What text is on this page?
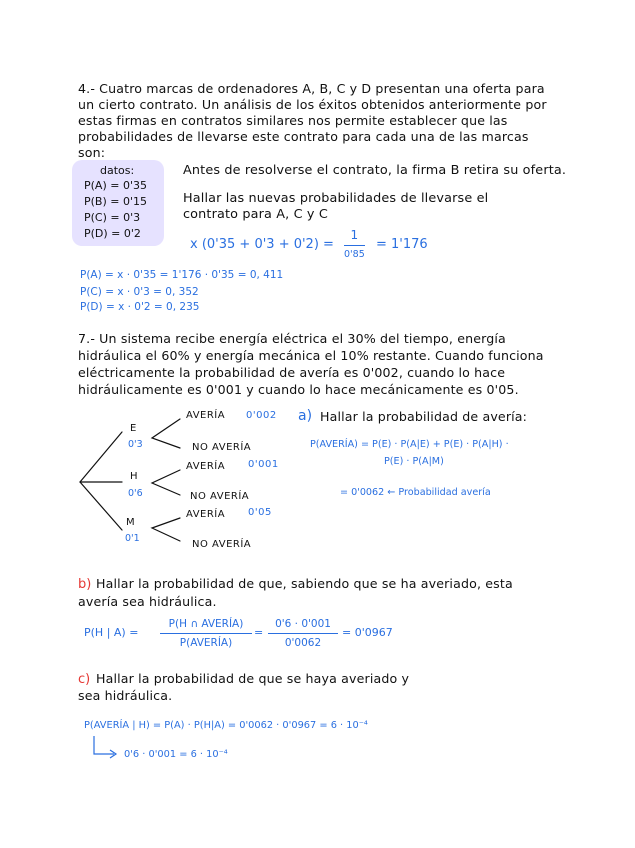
4.- Cuatro marcas de ordenadores A, B, C y D presentan una oferta para
un cierto contrato. Un análisis de los éxitos obtenidos anteriormente por
estas firmas en contratos similares nos permite establecer que las
probabilidades de llevarse este contrato para cada una de las marcas
son:
datos:
P(A) = 0'35
P(B) = 0'15
P(C) = 0'3
P(D) = 0'2
Antes de resolverse el contrato, la firma B retira su oferta.
Hallar las nuevas probabilidades de llevarse el
contrato para A, C y C
x (0'35 + 0'3 + 0'2) =
1
0'85
= 1'176
P(A) = x · 0'35 = 1'176 · 0'35 = 0, 411
P(C) = x · 0'3 = 0, 352
P(D) = x · 0'2 = 0, 235
7.- Un sistema recibe energía eléctrica el 30% del tiempo, energía
hidráulica el 60% y energía mecánica el 10% restante. Cuando funciona
eléctricamente la probabilidad de avería es 0'002, cuando lo hace
hidráulicamente es 0'001 y cuando lo hace mecánicamente es 0'05.
E
0'3
H
0'6
M
0'1
AVERÍA 0'002
NO AVERÍA
AVERÍA 0'001
NO AVERÍA
AVERÍA 0'05
NO AVERÍA
a) Hallar la probabilidad de avería:
P(AVERÍA) = P(E) · P(A|E) + P(E) · P(A|H) ·
P(E) · P(A|M)
= 0'0062 ← Probabilidad avería
b) Hallar la probabilidad de que, sabiendo que se ha averiado, esta
avería sea hidráulica.
P(H | A) =
P(H ∩ AVERÍA)
P(AVERÍA)
=
0'6 · 0'001
0'0062
= 0'0967
c) Hallar la probabilidad de que se haya averiado y
sea hidráulica.
P(AVERÍA | H) = P(A) · P(H|A) = 0'0062 · 0'0967 = 6 · 10⁻⁴
0'6 · 0'001 = 6 · 10⁻⁴
